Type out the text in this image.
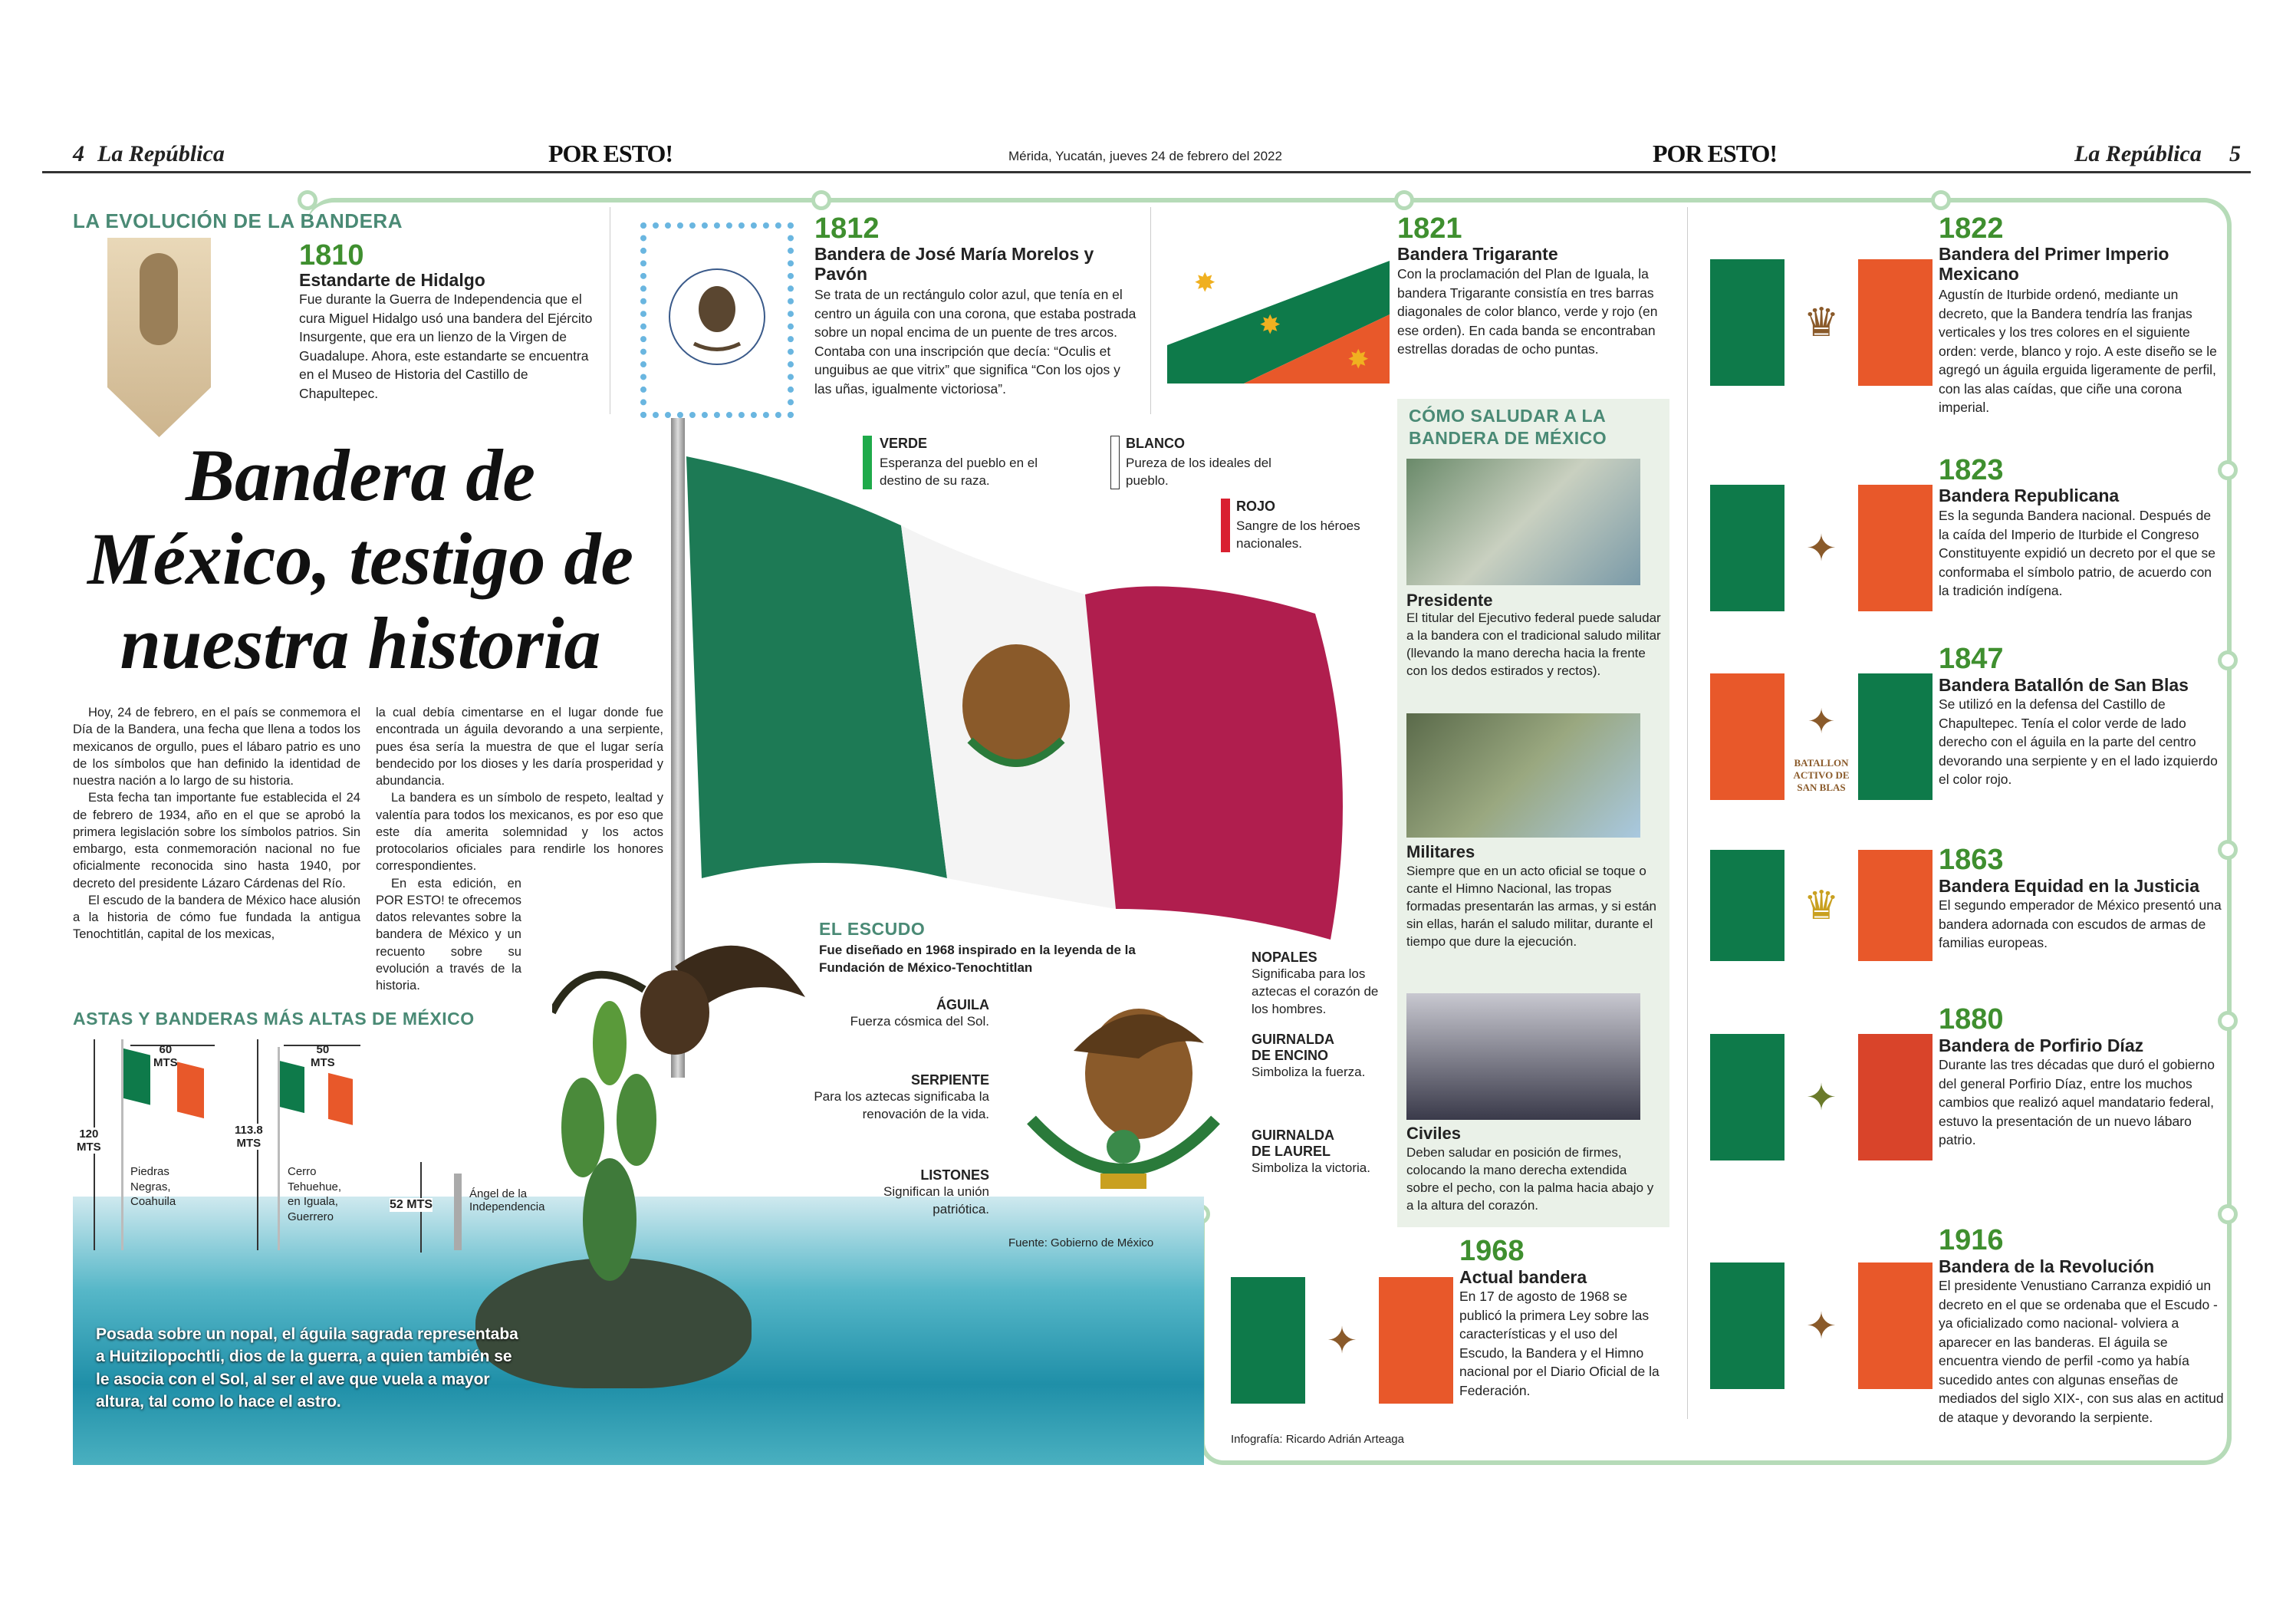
4 La República	POR ESTO!	Mérida, Yucatán, jueves 24 de febrero del 2022	POR ESTO!	La República 5
LA EVOLUCIÓN DE LA BANDERA
1810
Estandarte de Hidalgo
Fue durante la Guerra de Independencia que el cura Miguel Hidalgo usó una bandera del Ejército Insurgente, que era un lienzo de la Virgen de Guadalupe. Ahora, este estandarte se encuentra en el Museo de Historia del Castillo de Chapultepec.
1812
Bandera de José María Morelos y Pavón
Se trata de un rectángulo color azul, que tenía en el centro un águila con una corona, que estaba postrada sobre un nopal encima de un puente de tres arcos. Contaba con una inscripción que decía: “Oculis et unguibus ae que vitrix” que significa “Con los ojos y las uñas, igualmente victoriosa”.
✸
✸
✸
1821
Bandera Trigarante
Con la proclamación del Plan de Iguala, la bandera Trigarante consistía en tres barras diagonales de color blanco, verde y rojo (en ese orden). En cada banda se encontraban estrellas doradas de ocho puntas.
♛
1822
Bandera del Primer Imperio Mexicano
Agustín de Iturbide ordenó, mediante un decreto, que la Bandera tendría las franjas verticales y los tres colores en el siguiente orden: verde, blanco y rojo. A este diseño se le agregó un águila erguida ligeramente de perfil, con las alas caídas, que ciñe una corona imperial.
✦
1823
Bandera Republicana
Es la segunda Bandera nacional. Después de la caída del Imperio de Iturbide el Congreso Constituyente expidió un decreto por el que se conformaba el símbolo patrio, de acuerdo con la tradición indígena.
BATALLON
ACTIVO DE
SAN BLAS
✦
1847
Bandera Batallón de San Blas
Se utilizó en la defensa del Castillo de Chapultepec. Tenía el color verde de lado derecho con el águila en la parte del centro devorando una serpiente y en el lado izquierdo el color rojo.
♛
1863
Bandera Equidad en la Justicia
El segundo emperador de México presentó una bandera adornada con escudos de armas de familias europeas.
✦
1880
Bandera de Porfirio Díaz
Durante las tres décadas que duró el gobierno del general Porfirio Díaz, entre los muchos cambios que realizó aquel mandatario federal, estuvo la presentación de un nuevo lábaro patrio.
✦
1916
Bandera de la Revolución
El presidente Venustiano Carranza expidió un decreto en el que se ordenaba que el Escudo -ya oficializado como nacional- volviera a aparecer en las banderas. El águila se encuentra viendo de perfil -como ya había sucedido antes con algunas enseñas de mediados del siglo XIX-, con sus alas en actitud de ataque y devorando la serpiente.
✦
1968
Actual bandera
En 17 de agosto de 1968 se publicó la primera Ley sobre las características y el uso del Escudo, la Bandera y el Himno nacional por el Diario Oficial de la Federación.
Infografía: Ricardo Adrián Arteaga
Bandera de
México, testigo de
nuestra historia

Hoy, 24 de febrero, en el país se conmemora el Día de la Bandera, una fecha que llena a todos los mexicanos de orgullo, pues el lábaro patrio es uno de los símbolos que han definido la identidad de nuestra nación a lo largo de su historia.

Esta fecha tan importante fue establecida el 24 de febrero de 1934, año en el que se aprobó la primera legislación sobre los símbolos patrios. Sin embargo, esta conmemoración nacional no fue oficialmente reconocida sino hasta 1940, por decreto del presidente Lázaro Cárdenas del Río.

El escudo de la bandera de México hace alusión a la historia de cómo fue fundada la antigua Tenochtitlán, capital de los mexicas,

la cual debía cimentarse en el lugar donde fue encontrada un águila devorando a una serpiente, pues ésa sería la muestra de que el lugar sería bendecido por los dioses y les daría prosperidad y abundancia.

La bandera es un símbolo de respeto, lealtad y valentía para todos los mexicanos, es por eso que este día amerita solemnidad y los actos protocolarios oficiales para rendirle los honores correspondientes.

En esta edición, en POR ESTO! te ofrecemos datos relevantes sobre la bandera de México y un recuento sobre su evolución a través de la historia.

VERDE
Esperanza del pueblo en el destino de su raza.
BLANCO
Pureza de los ideales del pueblo.
ROJO
Sangre de los héroes nacionales.
Posada sobre un nopal, el águila sagrada representaba a Huitzilopochtli, dios de la guerra, a quien también se le asocia con el Sol, al ser el ave que vuela a mayor altura, tal como lo hace el astro.
ASTAS Y BANDERAS MÁS ALTAS DE MÉXICO
120
MTS
60
MTS
Piedras
Negras,
Coahuila
113.8
MTS
50
MTS
Cerro
Tehuehue,
en Iguala,
Guerrero
52 MTS
Ángel de la
Independencia
EL ESCUDO
Fue diseñado en 1968 inspirado en la leyenda de la Fundación de México-Tenochtitlan
ÁGUILA
Fuerza cósmica del Sol.
SERPIENTE
Para los aztecas significaba la renovación de la vida.
LISTONES
Significan la unión patriótica.
NOPALES
Significaba para los aztecas el corazón de los hombres.
GUIRNALDA
DE ENCINO
Simboliza la fuerza.
GUIRNALDA
DE LAUREL
Simboliza la victoria.
Fuente: Gobierno de México
CÓMO SALUDAR A LA BANDERA DE MÉXICO
Presidente
El titular del Ejecutivo federal puede saludar a la bandera con el tradicional saludo militar (llevando la mano derecha hacia la frente con los dedos estirados y rectos).
Militares
Siempre que en un acto oficial se toque o cante el Himno Nacional, las tropas formadas presentarán las armas, y si están sin ellas, harán el saludo militar, durante el tiempo que dure la ejecución.
Civiles
Deben saludar en posición de firmes, colocando la mano derecha extendida sobre el pecho, con la palma hacia abajo y a la altura del corazón.
